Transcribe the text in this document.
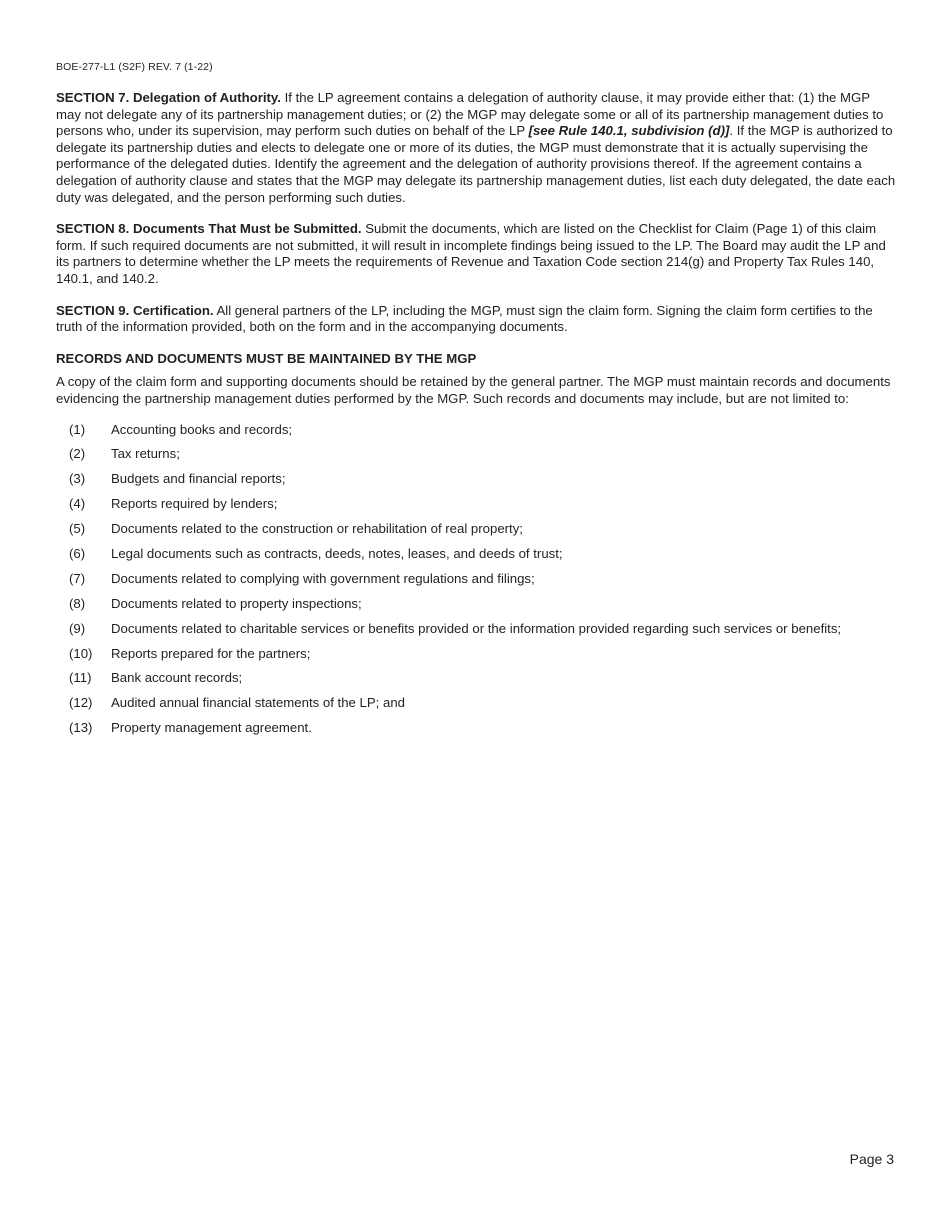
BOE-277-L1 (S2F) REV. 7 (1-22)

SECTION 7. Delegation of Authority. If the LP agreement contains a delegation of authority clause, it may provide either that: (1) the MGP may not delegate any of its partnership management duties; or (2) the MGP may delegate some or all of its partnership management duties to persons who, under its supervision, may perform such duties on behalf of the LP [see Rule 140.1, subdivision (d)]. If the MGP is authorized to delegate its partnership duties and elects to delegate one or more of its duties, the MGP must demonstrate that it is actually supervising the performance of the delegated duties. Identify the agreement and the delegation of authority provisions thereof. If the agreement contains a delegation of authority clause and states that the MGP may delegate its partnership management duties, list each duty delegated, the date each duty was delegated, and the person performing such duties.

SECTION 8. Documents That Must be Submitted. Submit the documents, which are listed on the Checklist for Claim (Page 1) of this claim form. If such required documents are not submitted, it will result in incomplete findings being issued to the LP. The Board may audit the LP and its partners to determine whether the LP meets the requirements of Revenue and Taxation Code section 214(g) and Property Tax Rules 140, 140.1, and 140.2.

SECTION 9. Certification. All general partners of the LP, including the MGP, must sign the claim form. Signing the claim form certifies to the truth of the information provided, both on the form and in the accompanying documents.

RECORDS AND DOCUMENTS MUST BE MAINTAINED BY THE MGP

A copy of the claim form and supporting documents should be retained by the general partner. The MGP must maintain records and documents evidencing the partnership management duties performed by the MGP. Such records and documents may include, but are not limited to:

(1)	Accounting books and records;
(2)	Tax returns;
(3)	Budgets and financial reports;
(4)	Reports required by lenders;
(5)	Documents related to the construction or rehabilitation of real property;
(6)	Legal documents such as contracts, deeds, notes, leases, and deeds of trust;
(7)	Documents related to complying with government regulations and filings;
(8)	Documents related to property inspections;
(9)	Documents related to charitable services or benefits provided or the information provided regarding such services or benefits;
(10)	Reports prepared for the partners;
(11)	Bank account records;
(12)	Audited annual financial statements of the LP; and
(13)	Property management agreement.
Page 3
